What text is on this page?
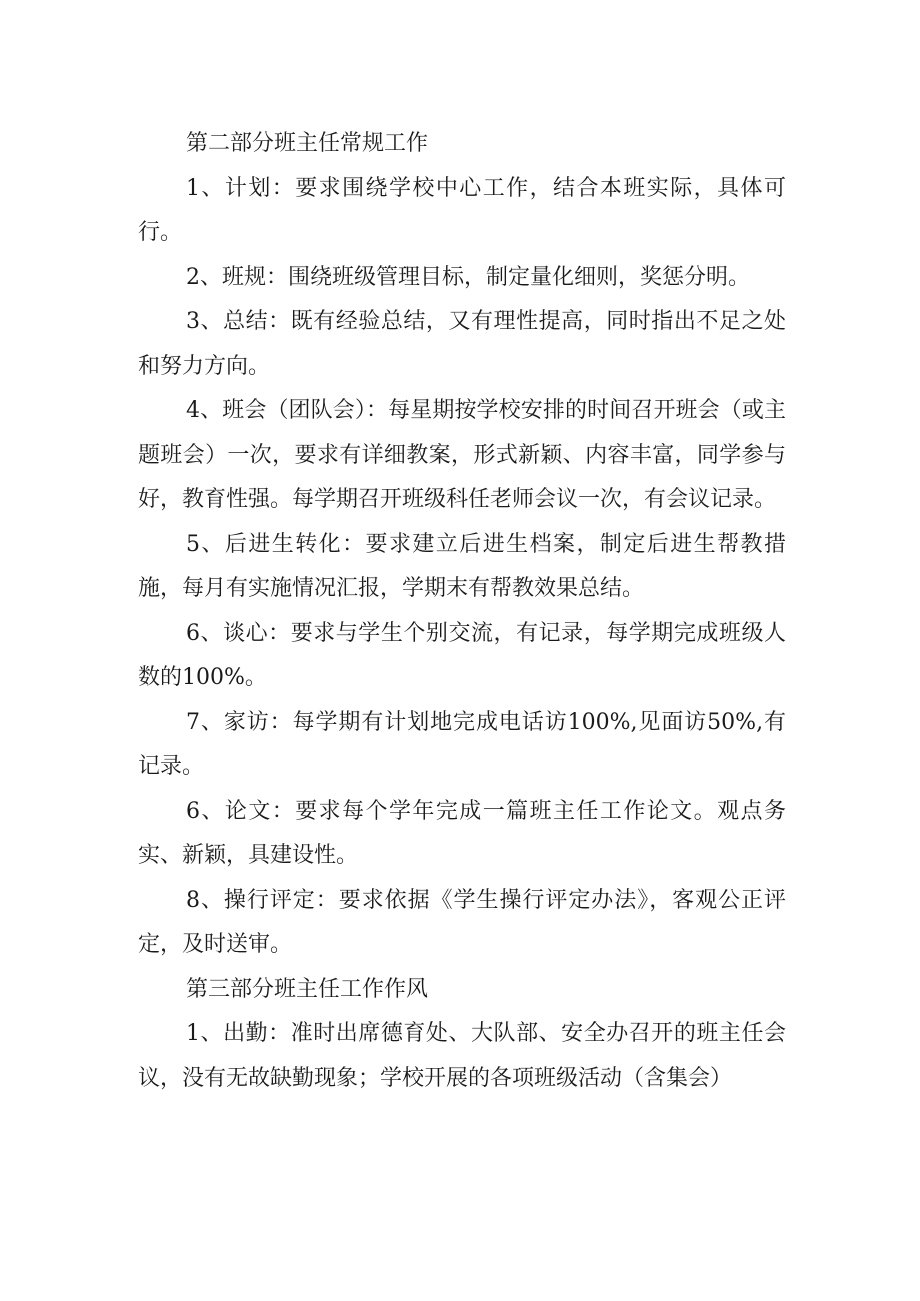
第二部分班主任常规工作

1、计划：要求围绕学校中心工作，结合本班实际，具体可行。

2、班规：围绕班级管理目标，制定量化细则，奖惩分明。

3、总结：既有经验总结，又有理性提高，同时指出不足之处和努力方向。

4、班会（团队会）：每星期按学校安排的时间召开班会（或主题班会）一次，要求有详细教案，形式新颖、内容丰富，同学参与好，教育性强。每学期召开班级科任老师会议一次，有会议记录。

5、后进生转化：要求建立后进生档案，制定后进生帮教措施，每月有实施情况汇报，学期末有帮教效果总结。

6、谈心：要求与学生个别交流，有记录，每学期完成班级人数的100%。

7、家访：每学期有计划地完成电话访100%,见面访50%,有记录。

6、论文：要求每个学年完成一篇班主任工作论文。观点务实、新颖，具建设性。

8、操行评定：要求依据《学生操行评定办法》，客观公正评定，及时送审。

第三部分班主任工作作风

1、出勤：准时出席德育处、大队部、安全办召开的班主任会议，没有无故缺勤现象；学校开展的各项班级活动（含集会）
